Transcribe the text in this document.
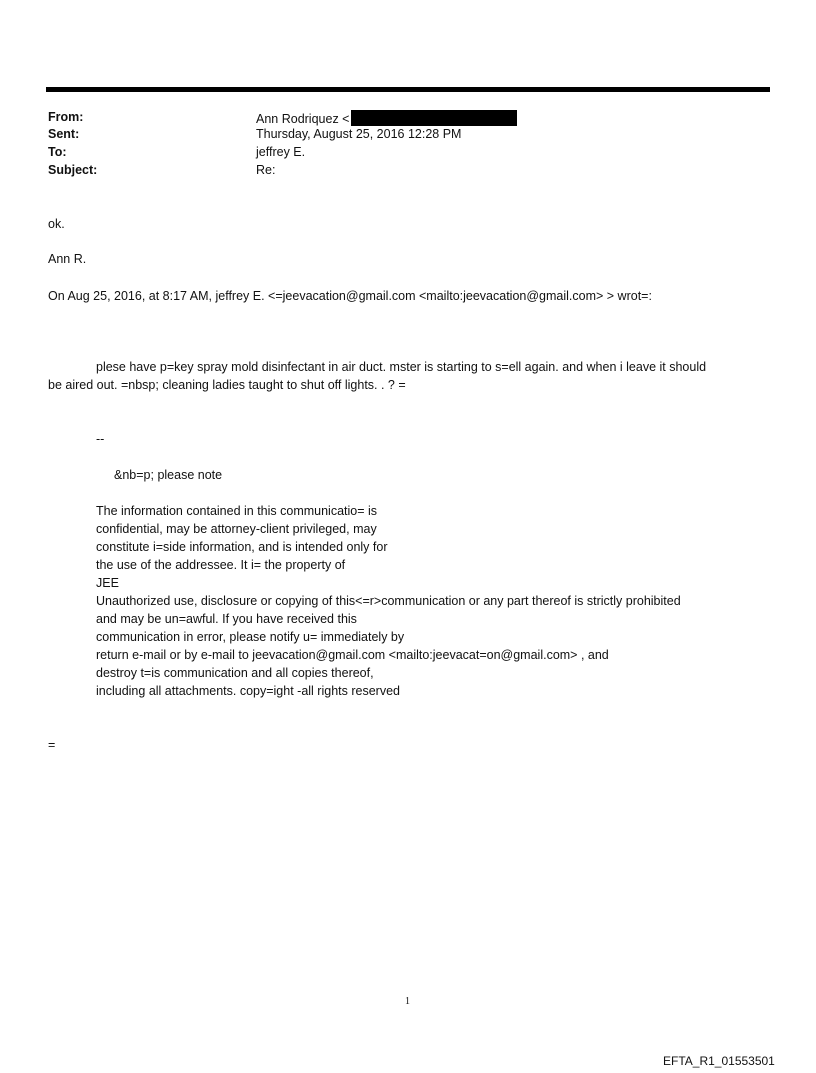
From:	Ann Rodriquez <
Sent:	Thursday, August 25, 2016 12:28 PM
To:	jeffrey E.
Subject:	Re:
ok.
Ann R.
On Aug 25, 2016, at 8:17 AM, jeffrey E. <=jeevacation@gmail.com <mailto:jeevacation@gmail.com> > wrot=:
plese have p=key spray mold disinfectant in air duct. mster is starting to s=ell again. and when i leave it should
be aired out. =nbsp; cleaning ladies taught to shut off lights. . ? =
--
&nb=p; please note
The information contained in this communicatio= is
confidential, may be attorney-client privileged, may
constitute i=side information, and is intended only for
the use of the addressee. It i= the property of
JEE
Unauthorized use, disclosure or copying of this<=r>communication or any part thereof is strictly prohibited
and may be un=awful. If you have received this
communication in error, please notify u= immediately by
return e-mail or by e-mail to jeevacation@gmail.com <mailto:jeevacat=on@gmail.com> , and
destroy t=is communication and all copies thereof,
including all attachments. copy=ight -all rights reserved
=
1
EFTA_R1_01553501
